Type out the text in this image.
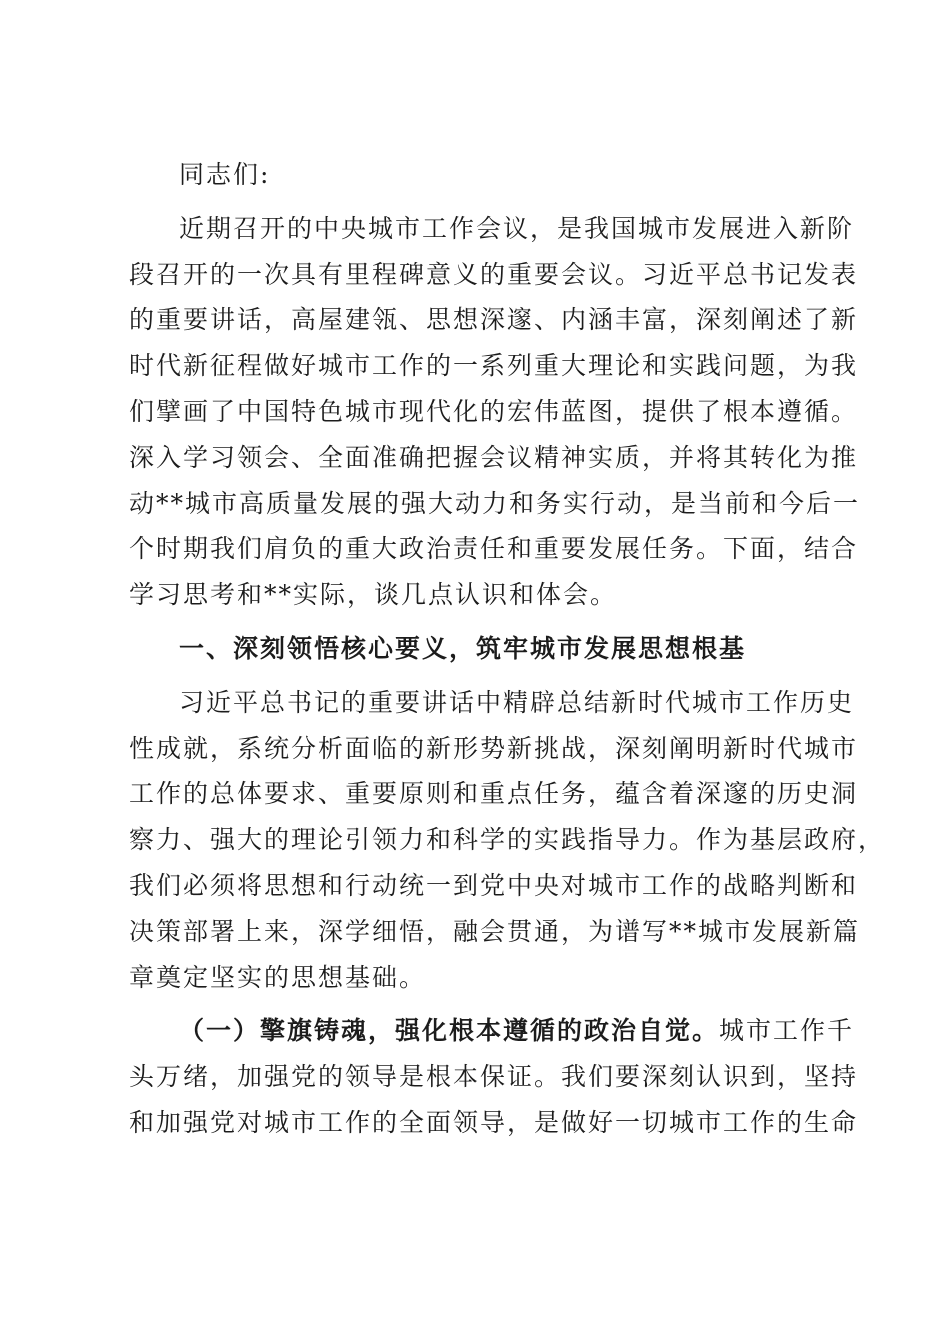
同志们:
近期召开的中央城市工作会议，是我国城市发展进入新阶
段召开的一次具有里程碑意义的重要会议。习近平总书记发表
的重要讲话，高屋建瓴、思想深邃、内涵丰富，深刻阐述了新
时代新征程做好城市工作的一系列重大理论和实践问题，为我
们擘画了中国特色城市现代化的宏伟蓝图，提供了根本遵循。
深入学习领会、全面准确把握会议精神实质，并将其转化为推
动**城市高质量发展的强大动力和务实行动，是当前和今后一
个时期我们肩负的重大政治责任和重要发展任务。下面，结合
学习思考和**实际，谈几点认识和体会。
一、深刻领悟核心要义，筑牢城市发展思想根基
习近平总书记的重要讲话中精辟总结新时代城市工作历史
性成就，系统分析面临的新形势新挑战，深刻阐明新时代城市
工作的总体要求、重要原则和重点任务，蕴含着深邃的历史洞
察力、强大的理论引领力和科学的实践指导力。作为基层政府，
我们必须将思想和行动统一到党中央对城市工作的战略判断和
决策部署上来，深学细悟，融会贯通，为谱写**城市发展新篇
章奠定坚实的思想基础。
（一）擎旗铸魂，强化根本遵循的政治自觉。城市工作千
头万绪，加强党的领导是根本保证。我们要深刻认识到，坚持
和加强党对城市工作的全面领导，是做好一切城市工作的生命
